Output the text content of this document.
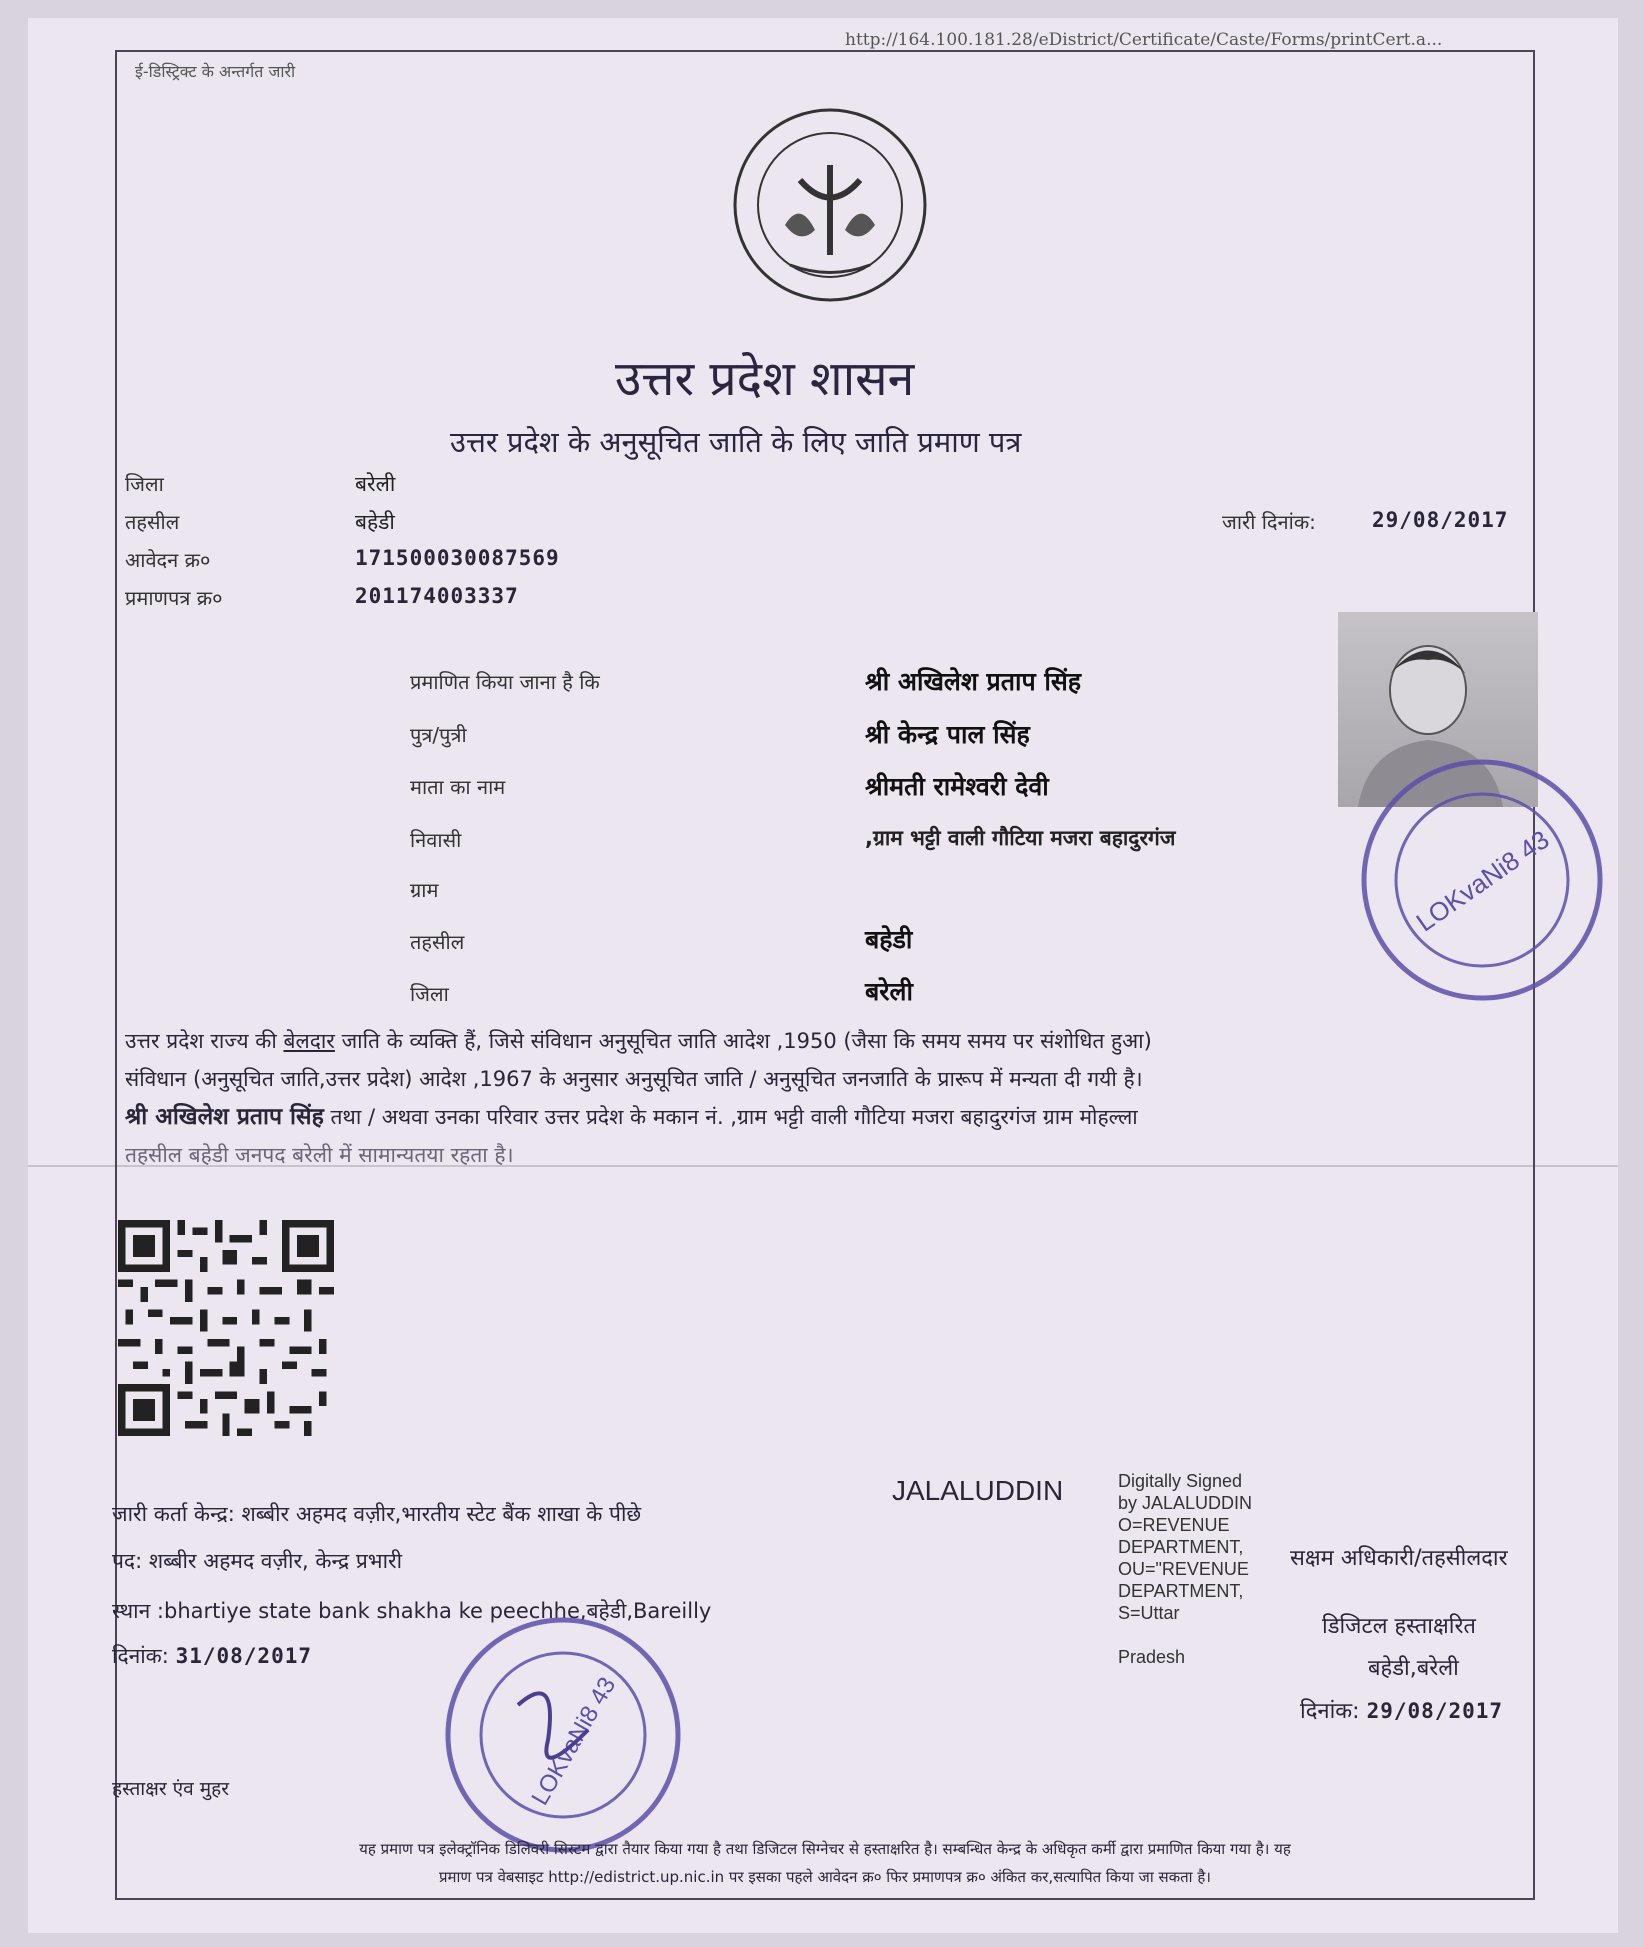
http://164.100.181.28/eDistrict/Certificate/Caste/Forms/printCert.a...
ई-डिस्ट्रिक्ट के अन्तर्गत जारी
उत्तर प्रदेश शासन
उत्तर प्रदेश के अनुसूचित जाति के लिए जाति प्रमाण पत्र
जिला	बरेली
तहसील	बहेडी
आवेदन क्र०	171500030087569
प्रमाणपत्र क्र०	201174003337
जारी दिनांक:	29/08/2017
प्रमाणित किया जाना है कि	श्री अखिलेश प्रताप सिंह
पुत्र/पुत्री	श्री केन्द्र पाल सिंह
माता का नाम	श्रीमती रामेश्वरी देवी
निवासी	,ग्राम भट्टी वाली गौटिया मजरा बहादुरगंज
ग्राम
तहसील	बहेडी
जिला	बरेली
उत्तर प्रदेश राज्य की बेलदार जाति के व्यक्ति हैं, जिसे संविधान अनुसूचित जाति आदेश ,1950 (जैसा कि समय समय पर संशोधित हुआ)
संविधान (अनुसूचित जाति,उत्तर प्रदेश) आदेश ,1967 के अनुसार अनुसूचित जाति / अनुसूचित जनजाति के प्रारूप में मन्यता दी गयी है।
श्री अखिलेश प्रताप सिंह तथा / अथवा उनका परिवार उत्तर प्रदेश के मकान नं. ,ग्राम भट्टी वाली गौटिया मजरा बहादुरगंज ग्राम मोहल्ला
तहसील बहेडी जनपद बरेली में सामान्यतया रहता है।
जारी कर्ता केन्द्र: शब्बीर अहमद वज़ीर,भारतीय स्टेट बैंक शाखा के पीछे
पद: शब्बीर अहमद वज़ीर, केन्द्र प्रभारी
स्थान :bhartiye state bank shakha ke peechhe,बहेडी,Bareilly
दिनांक: 31/08/2017
हस्ताक्षर एंव मुहर
JALALUDDIN	Digitally Signed
by JALALUDDIN
O=REVENUE
DEPARTMENT,
OU="REVENUE
DEPARTMENT,
S=Uttar
Pradesh
सक्षम अधिकारी/तहसीलदार
डिजिटल हस्ताक्षरित
बहेडी,बरेली
दिनांक: 29/08/2017
LOKvaNi8 43
LOKvaNi8 43
यह प्रमाण पत्र इलेक्ट्रॉनिक डिलिवरी सिस्टम द्वारा तैयार किया गया है तथा डिजिटल सिग्नेचर से हस्ताक्षरित है। सम्बन्धित केन्द्र के अधिकृत कर्मी द्वारा प्रमाणित किया गया है। यह
प्रमाण पत्र वेबसाइट http://edistrict.up.nic.in पर इसका पहले आवेदन क्र० फिर प्रमाणपत्र क्र० अंकित कर,सत्यापित किया जा सकता है।
